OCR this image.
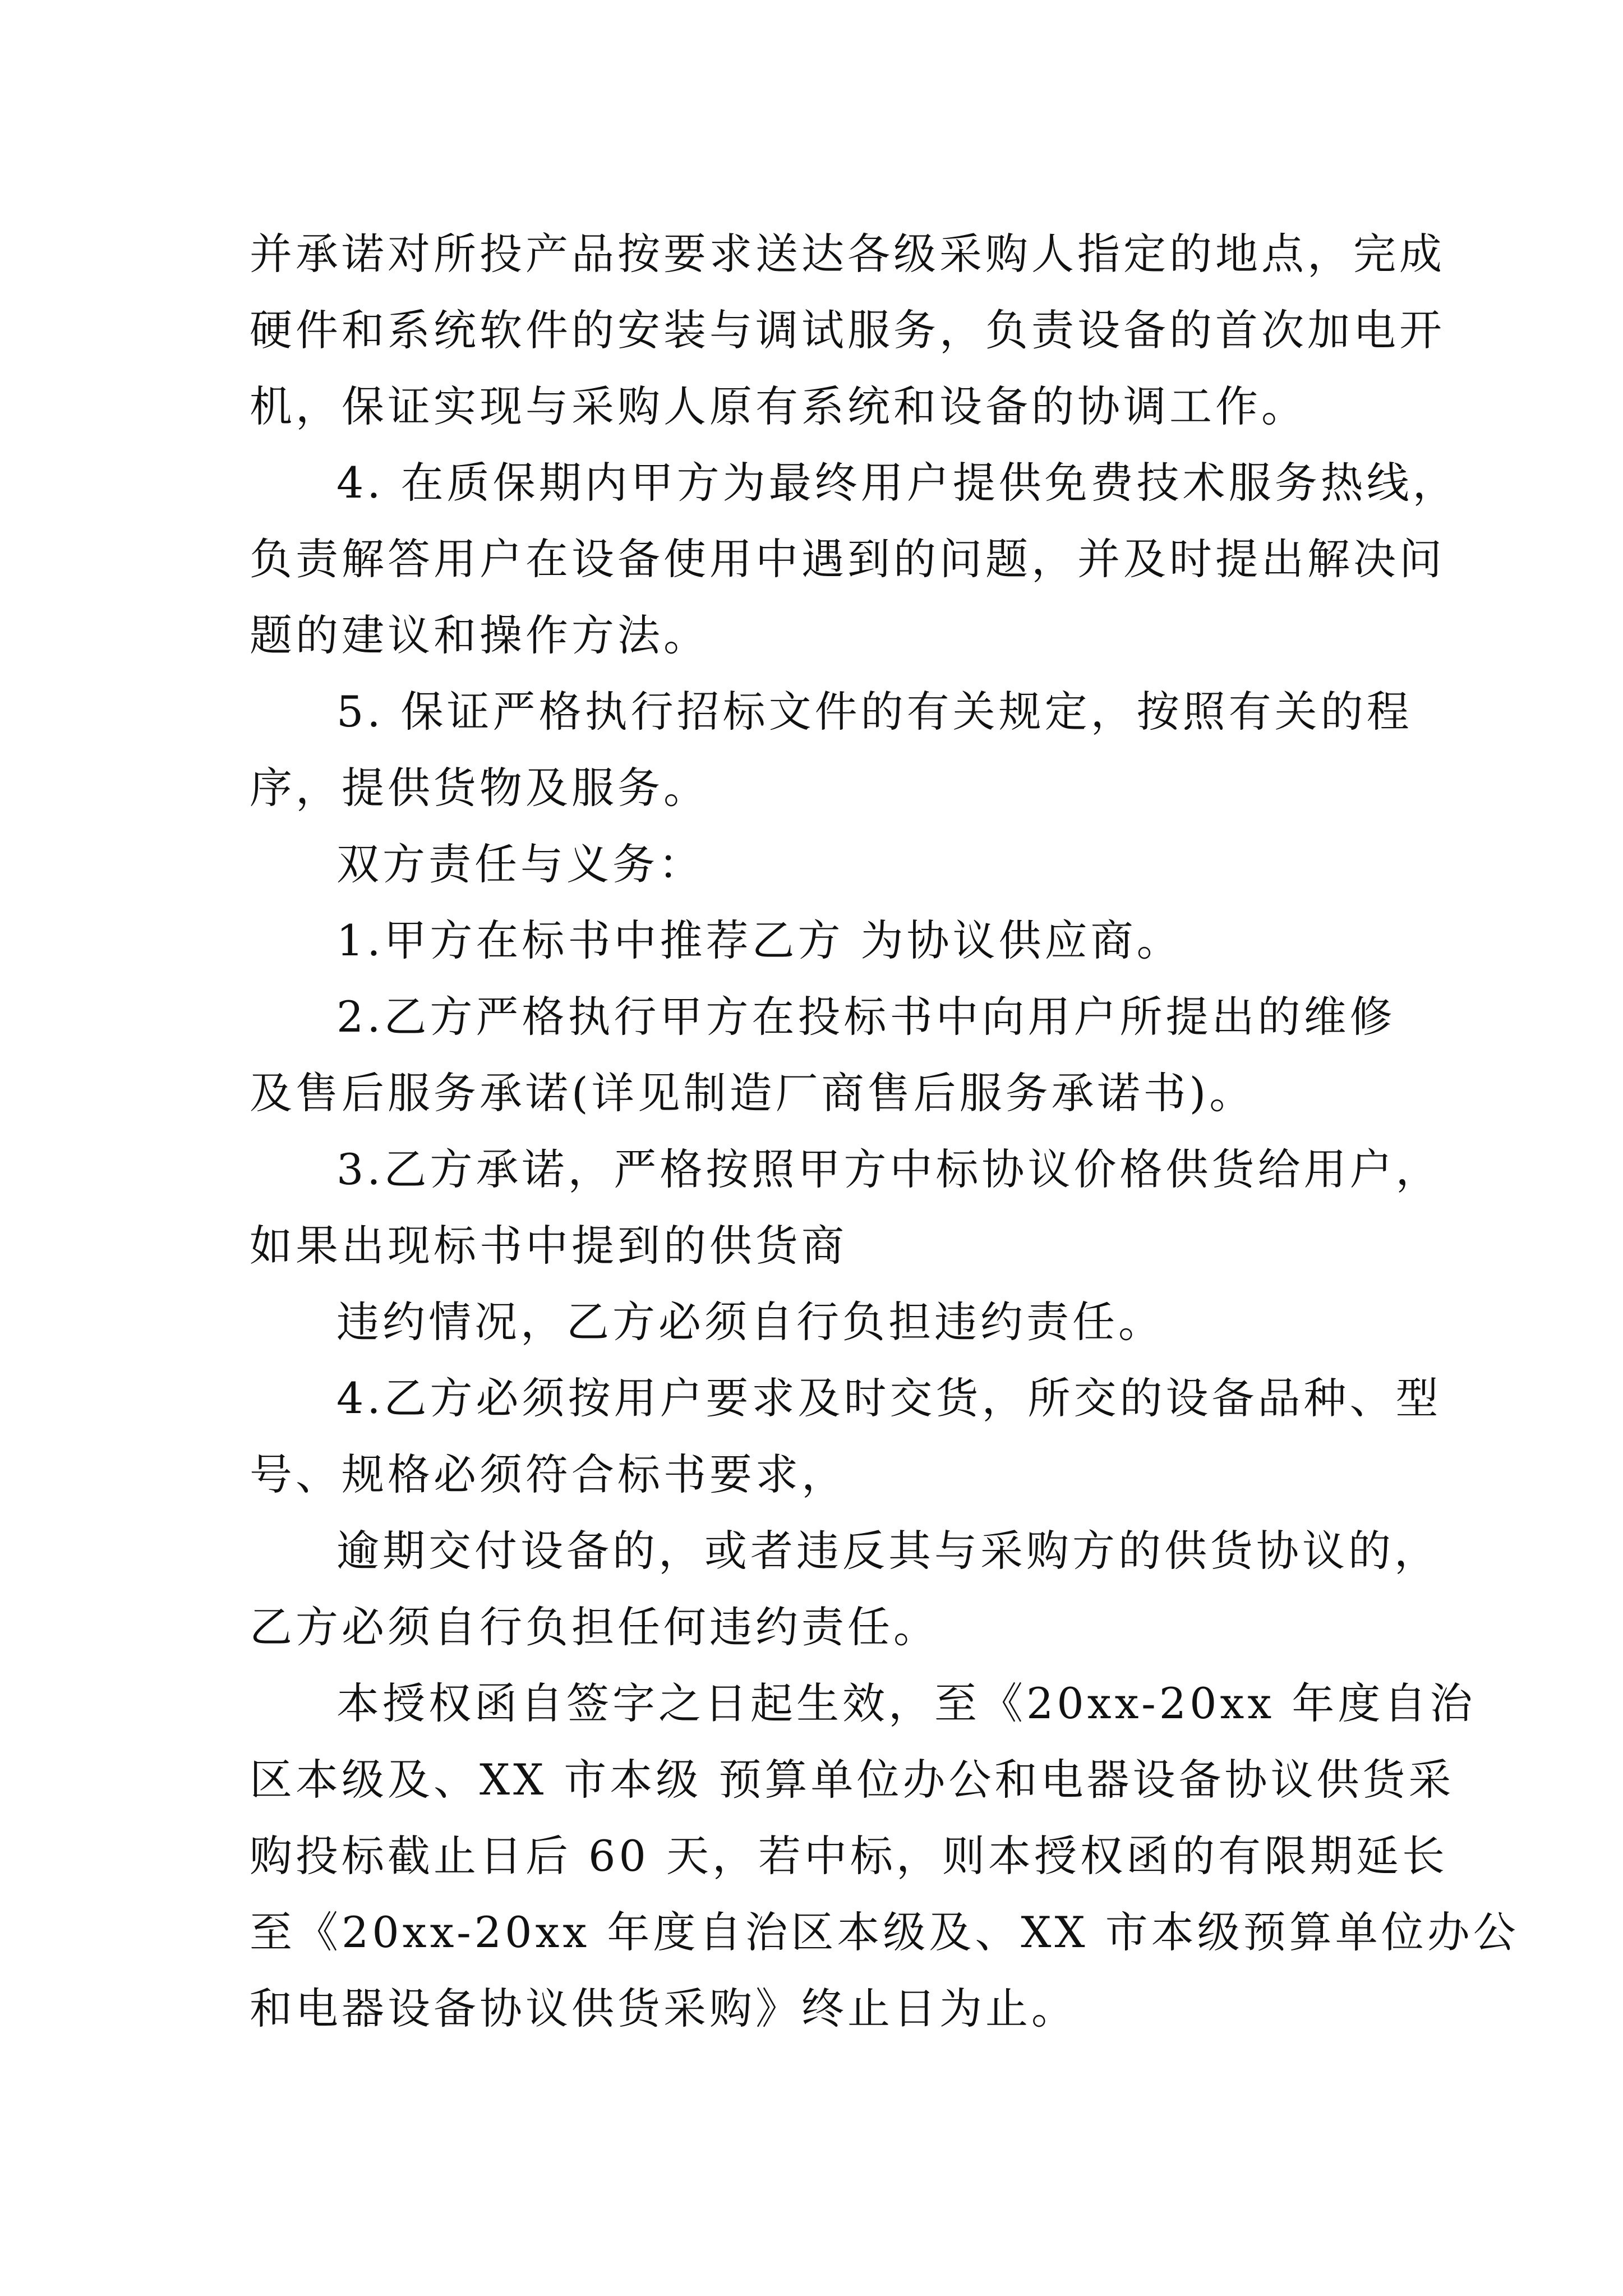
并承诺对所投产品按要求送达各级采购人指定的地点，完成
硬件和系统软件的安装与调试服务，负责设备的首次加电开
机，保证实现与采购人原有系统和设备的协调工作。
4. 在质保期内甲方为最终用户提供免费技术服务热线，
负责解答用户在设备使用中遇到的问题，并及时提出解决问
题的建议和操作方法。
5. 保证严格执行招标文件的有关规定，按照有关的程
序，提供货物及服务。
双方责任与义务：
1.甲方在标书中推荐乙方 为协议供应商。
2.乙方严格执行甲方在投标书中向用户所提出的维修
及售后服务承诺(详见制造厂商售后服务承诺书)。
3.乙方承诺，严格按照甲方中标协议价格供货给用户，
如果出现标书中提到的供货商
违约情况，乙方必须自行负担违约责任。
4.乙方必须按用户要求及时交货，所交的设备品种、型
号、规格必须符合标书要求，
逾期交付设备的，或者违反其与采购方的供货协议的，
乙方必须自行负担任何违约责任。
本授权函自签字之日起生效，至《20xx-20xx 年度自治
区本级及、XX 市本级 预算单位办公和电器设备协议供货采
购投标截止日后 60 天，若中标，则本授权函的有限期延长
至《20xx-20xx 年度自治区本级及、XX 市本级预算单位办公
和电器设备协议供货采购》终止日为止。
